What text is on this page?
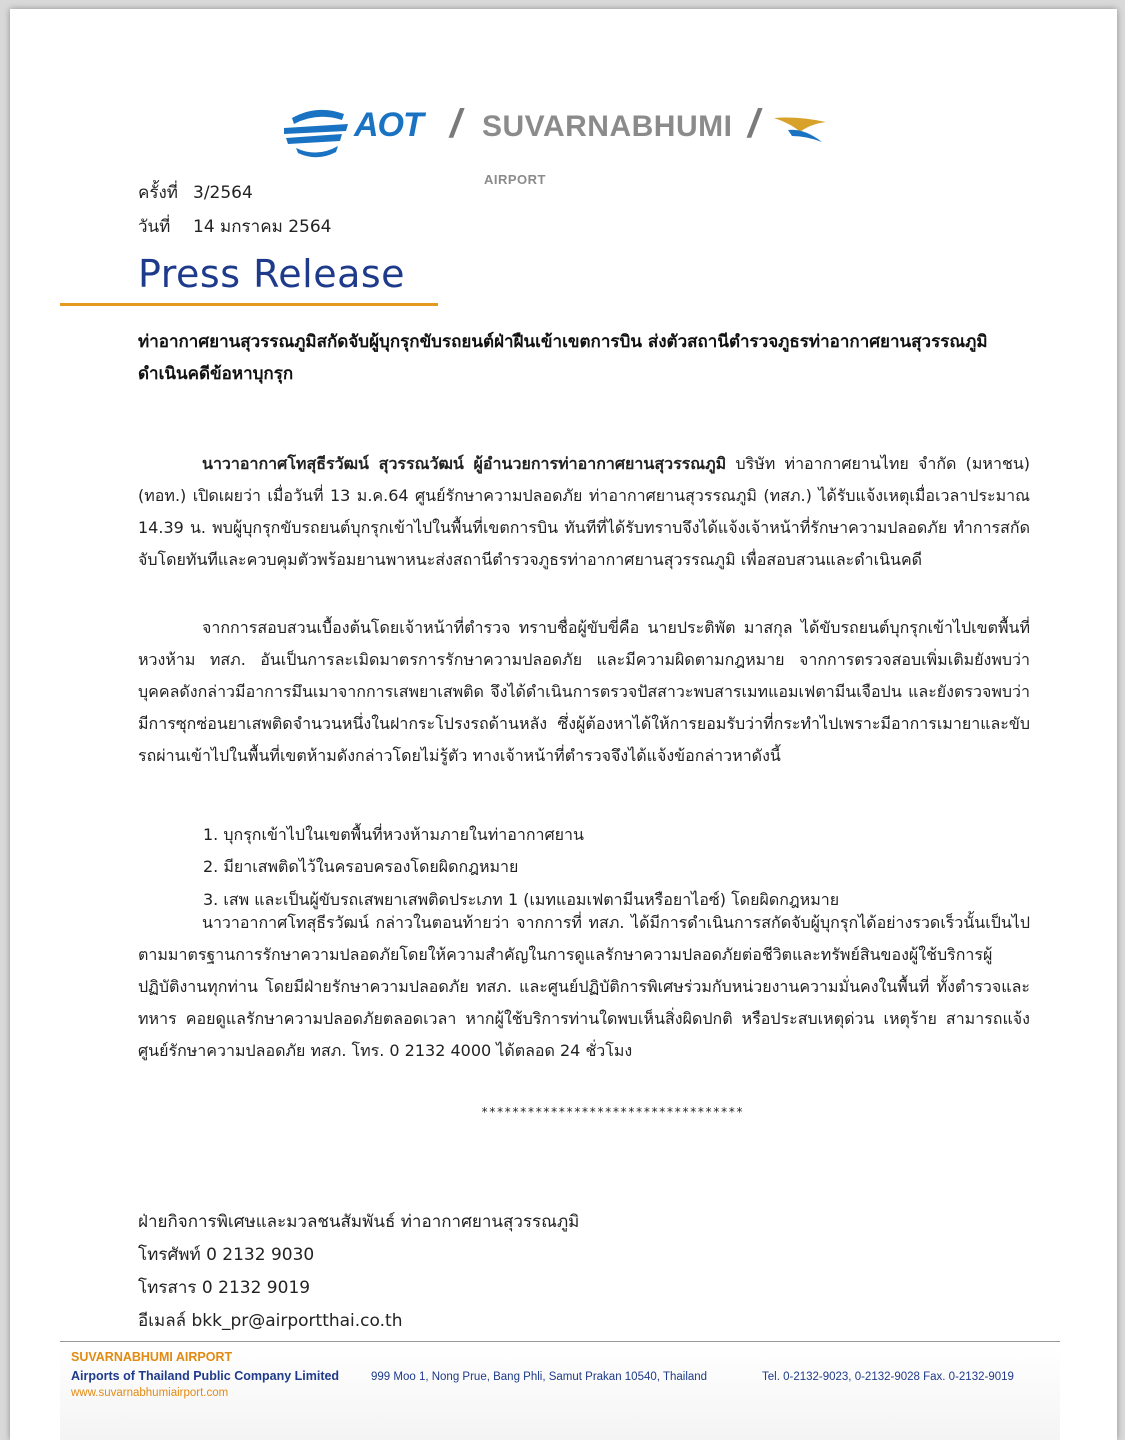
AOT / SUVARNABHUMI /
AIRPORT
ครั้งที่ 3/2564
วันที่ 14 มกราคม 2564
Press Release
ท่าอากาศยานสุวรรณภูมิสกัดจับผู้บุกรุกขับรถยนต์ฝ่าฝืนเข้าเขตการบิน ส่งตัวสถานีตำรวจภูธรท่าอากาศยานสุวรรณภูมิ ดำเนินคดีข้อหาบุกรุก

นาวาอากาศโทสุธีรวัฒน์ สุวรรณวัฒน์ ผู้อำนวยการท่าอากาศยานสุวรรณภูมิ บริษัท ท่าอากาศยานไทย จำกัด (มหาชน) (ทอท.) เปิดเผยว่า เมื่อวันที่ 13 ม.ค.64 ศูนย์รักษาความปลอดภัย ท่าอากาศยานสุวรรณภูมิ (ทสภ.) ได้รับแจ้งเหตุเมื่อเวลาประมาณ 14.39 น. พบผู้บุกรุกขับรถยนต์บุกรุกเข้าไปในพื้นที่เขตการบิน ทันทีที่ได้รับทราบจึงได้แจ้งเจ้าหน้าที่รักษาความปลอดภัย ทำการสกัดจับโดยทันทีและควบคุมตัวพร้อมยานพาหนะส่งสถานีตำรวจภูธรท่าอากาศยานสุวรรณภูมิ เพื่อสอบสวนและดำเนินคดี

จากการสอบสวนเบื้องต้นโดยเจ้าหน้าที่ตำรวจ ทราบชื่อผู้ขับขี่คือ นายประติพัต มาสกุล ได้ขับรถยนต์บุกรุกเข้าไปเขตพื้นที่หวงห้าม ทสภ. อันเป็นการละเมิดมาตรการรักษาความปลอดภัย และมีความผิดตามกฎหมาย จากการตรวจสอบเพิ่มเติมยังพบว่าบุคคลดังกล่าวมีอาการมึนเมาจากการเสพยาเสพติด จึงได้ดำเนินการตรวจปัสสาวะพบสารเมทแอมเฟตามีนเจือปน และยังตรวจพบว่ามีการซุกซ่อนยาเสพติดจำนวนหนึ่งในฝากระโปรงรถด้านหลัง ซึ่งผู้ต้องหาได้ให้การยอมรับว่าที่กระทำไปเพราะมีอาการเมายาและขับรถผ่านเข้าไปในพื้นที่เขตห้ามดังกล่าวโดยไม่รู้ตัว ทางเจ้าหน้าที่ตำรวจจึงได้แจ้งข้อกล่าวหาดังนี้

1. บุกรุกเข้าไปในเขตพื้นที่หวงห้ามภายในท่าอากาศยาน
2. มียาเสพติดไว้ในครอบครองโดยผิดกฎหมาย
3. เสพ และเป็นผู้ขับรถเสพยาเสพติดประเภท 1 (เมทแอมเฟตามีนหรือยาไอซ์) โดยผิดกฎหมาย

นาวาอากาศโทสุธีรวัฒน์ กล่าวในตอนท้ายว่า จากการที่ ทสภ. ได้มีการดำเนินการสกัดจับผู้บุกรุกได้อย่างรวดเร็วนั้นเป็นไปตามมาตรฐานการรักษาความปลอดภัยโดยให้ความสำคัญในการดูแลรักษาความปลอดภัยต่อชีวิตและทรัพย์สินของผู้ใช้บริการผู้ปฏิบัติงานทุกท่าน โดยมีฝ่ายรักษาความปลอดภัย ทสภ. และศูนย์ปฏิบัติการพิเศษร่วมกับหน่วยงานความมั่นคงในพื้นที่ ทั้งตำรวจและทหาร คอยดูแลรักษาความปลอดภัยตลอดเวลา หากผู้ใช้บริการท่านใดพบเห็นสิ่งผิดปกติ หรือประสบเหตุด่วน เหตุร้าย สามารถแจ้งศูนย์รักษาความปลอดภัย ทสภ. โทร. 0 2132 4000 ได้ตลอด 24 ชั่วโมง

**********************************
ฝ่ายกิจการพิเศษและมวลชนสัมพันธ์ ท่าอากาศยานสุวรรณภูมิ
โทรศัพท์ 0 2132 9030
โทรสาร 0 2132 9019
อีเมลล์ bkk_pr@airportthai.co.th
SUVARNABHUMI AIRPORT
Airports of Thailand Public Company Limited	999 Moo 1, Nong Prue, Bang Phli, Samut Prakan 10540, Thailand	Tel. 0-2132-9023, 0-2132-9028 Fax. 0-2132-9019
www.suvarnabhumiairport.com
